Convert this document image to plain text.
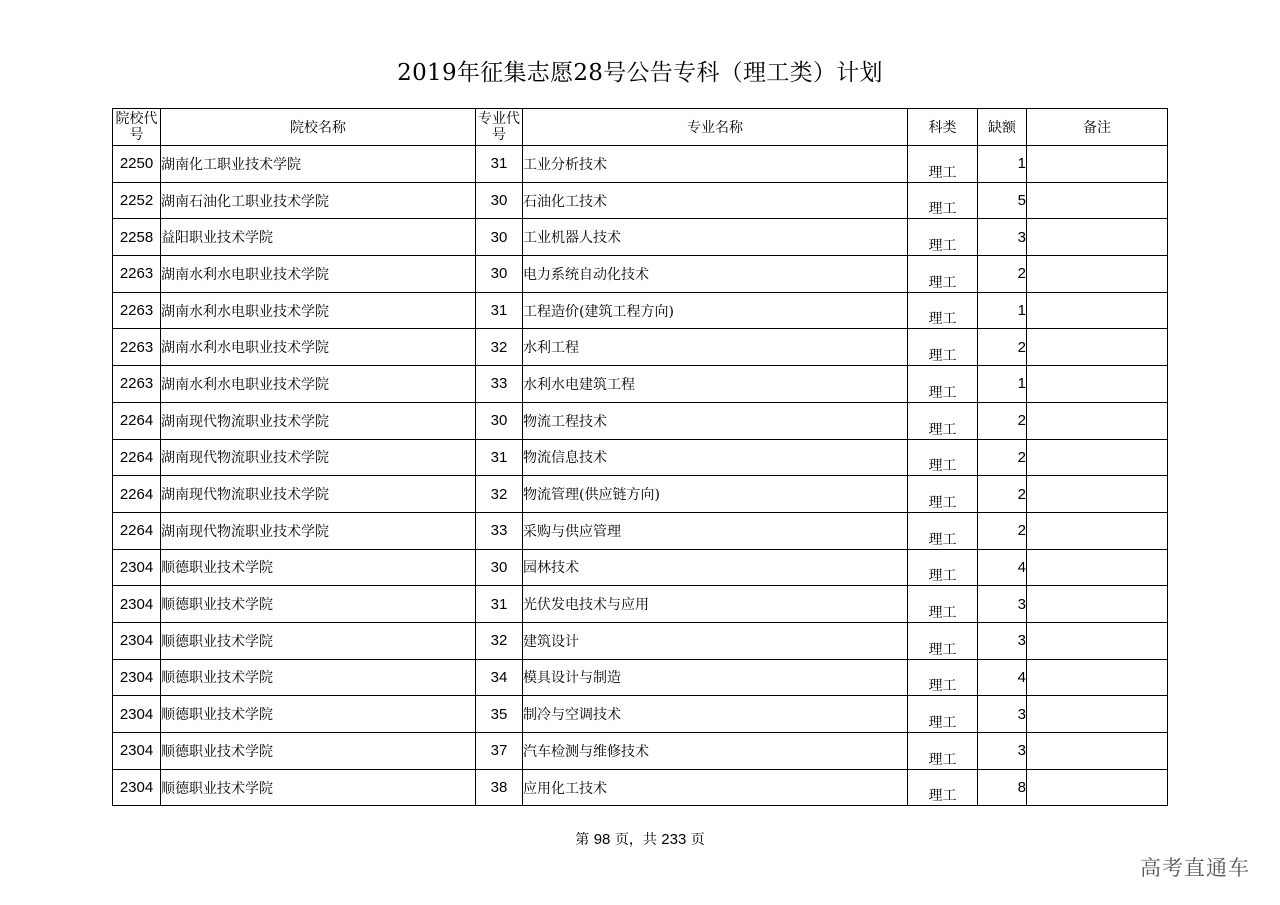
2019年征集志愿28号公告专科（理工类）计划
院校代号	院校名称	专业代号	专业名称	科类	缺额	备注
2250	湖南化工职业技术学院	31	工业分析技术	理工	1	
2252	湖南石油化工职业技术学院	30	石油化工技术	理工	5	
2258	益阳职业技术学院	30	工业机器人技术	理工	3	
2263	湖南水利水电职业技术学院	30	电力系统自动化技术	理工	2	
2263	湖南水利水电职业技术学院	31	工程造价(建筑工程方向)	理工	1	
2263	湖南水利水电职业技术学院	32	水利工程	理工	2	
2263	湖南水利水电职业技术学院	33	水利水电建筑工程	理工	1	
2264	湖南现代物流职业技术学院	30	物流工程技术	理工	2	
2264	湖南现代物流职业技术学院	31	物流信息技术	理工	2	
2264	湖南现代物流职业技术学院	32	物流管理(供应链方向)	理工	2	
2264	湖南现代物流职业技术学院	33	采购与供应管理	理工	2	
2304	顺德职业技术学院	30	园林技术	理工	4	
2304	顺德职业技术学院	31	光伏发电技术与应用	理工	3	
2304	顺德职业技术学院	32	建筑设计	理工	3	
2304	顺德职业技术学院	34	模具设计与制造	理工	4	
2304	顺德职业技术学院	35	制冷与空调技术	理工	3	
2304	顺德职业技术学院	37	汽车检测与维修技术	理工	3	
2304	顺德职业技术学院	38	应用化工技术	理工	8	
第 98 页，共 233 页
高考直通车
